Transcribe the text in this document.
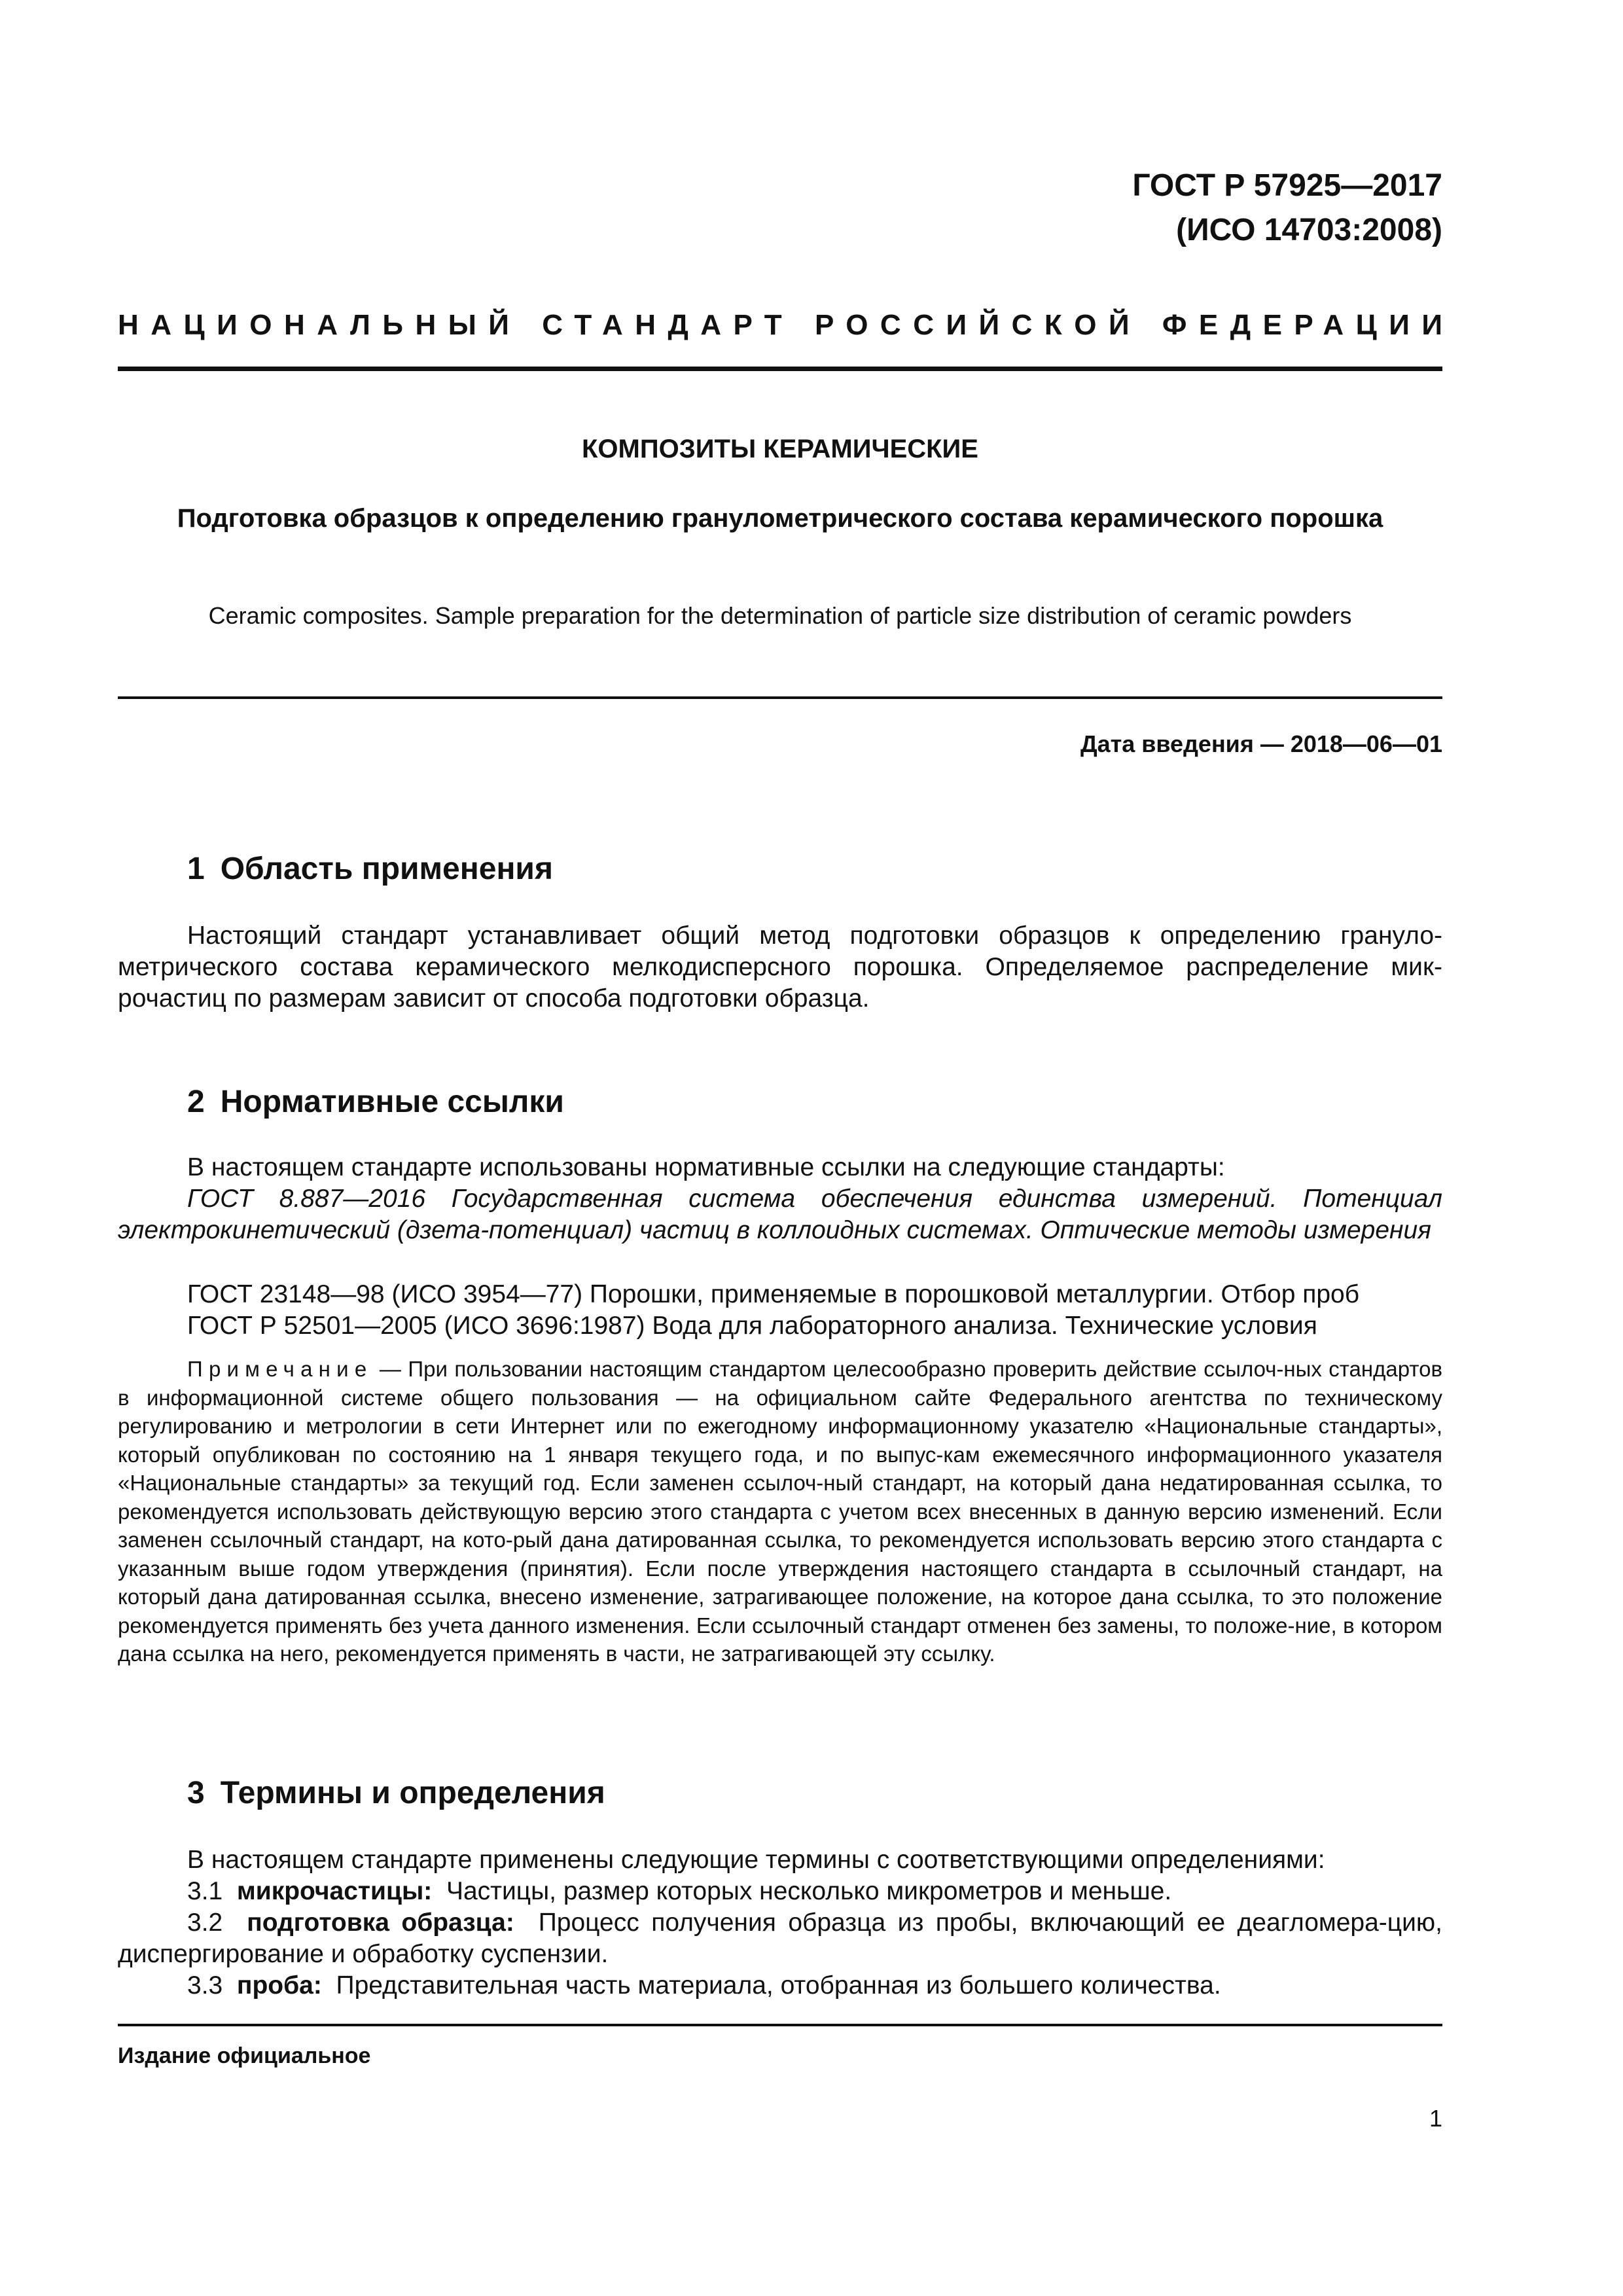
ГОСТ Р 57925—2017
(ИСО 14703:2008)
НАЦИОНАЛЬНЫЙ СТАНДАРТ РОССИЙСКОЙ ФЕДЕРАЦИИ
КОМПОЗИТЫ КЕРАМИЧЕСКИЕ
Подготовка образцов к определению гранулометрического состава керамического порошка
Ceramic composites. Sample preparation for the determination of particle size distribution of ceramic powders
Дата введения — 2018—06—01
1 Область применения
Настоящий стандарт устанавливает общий метод подготовки образцов к определению грануло-метрического состава керамического мелкодисперсного порошка. Определяемое распределение мик-рочастиц по размерам зависит от способа подготовки образца.
2 Нормативные ссылки
В настоящем стандарте использованы нормативные ссылки на следующие стандарты:
ГОСТ 8.887—2016 Государственная система обеспечения единства измерений. Потенциал электрокинетический (дзета-потенциал) частиц в коллоидных системах. Оптические методы измерения
ГОСТ 23148—98 (ИСО 3954—77) Порошки, применяемые в порошковой металлургии. Отбор проб
ГОСТ Р 52501—2005 (ИСО 3696:1987) Вода для лабораторного анализа. Технические условия
Примечание — При пользовании настоящим стандартом целесообразно проверить действие ссылоч-ных стандартов в информационной системе общего пользования — на официальном сайте Федерального агентства по техническому регулированию и метрологии в сети Интернет или по ежегодному информационному указателю «Национальные стандарты», который опубликован по состоянию на 1 января текущего года, и по выпус-кам ежемесячного информационного указателя «Национальные стандарты» за текущий год. Если заменен ссылоч-ный стандарт, на который дана недатированная ссылка, то рекомендуется использовать действующую версию этого стандарта с учетом всех внесенных в данную версию изменений. Если заменен ссылочный стандарт, на кото-рый дана датированная ссылка, то рекомендуется использовать версию этого стандарта с указанным выше годом утверждения (принятия). Если после утверждения настоящего стандарта в ссылочный стандарт, на который дана датированная ссылка, внесено изменение, затрагивающее положение, на которое дана ссылка, то это положение рекомендуется применять без учета данного изменения. Если ссылочный стандарт отменен без замены, то положе-ние, в котором дана ссылка на него, рекомендуется применять в части, не затрагивающей эту ссылку.
3 Термины и определения
В настоящем стандарте применены следующие термины с соответствующими определениями:
3.1 микрочастицы: Частицы, размер которых несколько микрометров и меньше.
3.2 подготовка образца: Процесс получения образца из пробы, включающий ее деагломера-цию, диспергирование и обработку суспензии.
3.3 проба: Представительная часть материала, отобранная из большего количества.
Издание официальное
1
